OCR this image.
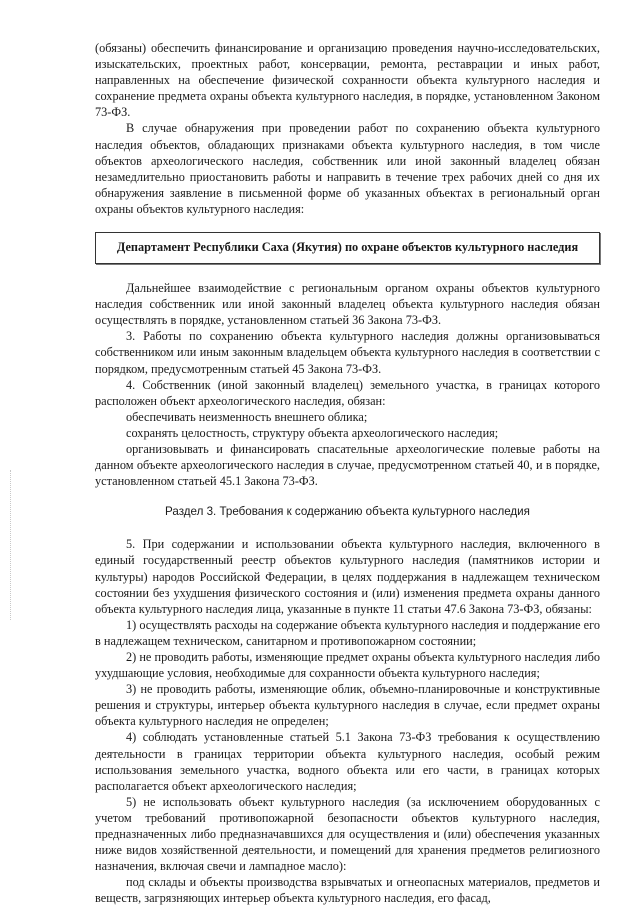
(обязаны) обеспечить финансирование и организацию проведения научно-исследовательских, изыскательских, проектных работ, консервации, ремонта, реставрации и иных работ, направленных на обеспечение физической сохранности объекта культурного наследия и сохранение предмета охраны объекта культурного наследия, в порядке, установленном Законом 73-ФЗ.

В случае обнаружения при проведении работ по сохранению объекта культурного наследия объектов, обладающих признаками объекта культурного наследия, в том числе объектов археологического наследия, собственник или иной законный владелец обязан незамедлительно приостановить работы и направить в течение трех рабочих дней со дня их обнаружения заявление в письменной форме об указанных объектах в региональный орган охраны объектов культурного наследия:

Департамент Республики Саха (Якутия) по охране объектов культурного наследия

Дальнейшее взаимодействие с региональным органом охраны объектов культурного наследия собственник или иной законный владелец объекта культурного наследия обязан осуществлять в порядке, установленном статьей 36 Закона 73-ФЗ.

3. Работы по сохранению объекта культурного наследия должны организовываться собственником или иным законным владельцем объекта культурного наследия в соответствии с порядком, предусмотренным статьей 45 Закона 73-ФЗ.

4. Собственник (иной законный владелец) земельного участка, в границах которого расположен объект археологического наследия, обязан:

обеспечивать неизменность внешнего облика;

сохранять целостность, структуру объекта археологического наследия;

организовывать и финансировать спасательные археологические полевые работы на данном объекте археологического наследия в случае, предусмотренном статьей 40, и в порядке, установленном статьей 45.1 Закона 73-ФЗ.

Раздел 3. Требования к содержанию объекта культурного наследия

5. При содержании и использовании объекта культурного наследия, включенного в единый государственный реестр объектов культурного наследия (памятников истории и культуры) народов Российской Федерации, в целях поддержания в надлежащем техническом состоянии без ухудшения физического состояния и (или) изменения предмета охраны данного объекта культурного наследия лица, указанные в пункте 11 статьи 47.6 Закона 73-ФЗ, обязаны:

1) осуществлять расходы на содержание объекта культурного наследия и поддержание его в надлежащем техническом, санитарном и противопожарном состоянии;

2) не проводить работы, изменяющие предмет охраны объекта культурного наследия либо ухудшающие условия, необходимые для сохранности объекта культурного наследия;

3) не проводить работы, изменяющие облик, объемно-планировочные и конструктивные решения и структуры, интерьер объекта культурного наследия в случае, если предмет охраны объекта культурного наследия не определен;

4) соблюдать установленные статьей 5.1 Закона 73-ФЗ требования к осуществлению деятельности в границах территории объекта культурного наследия, особый режим использования земельного участка, водного объекта или его части, в границах которых располагается объект археологического наследия;

5) не использовать объект культурного наследия (за исключением оборудованных с учетом требований противопожарной безопасности объектов культурного наследия, предназначенных либо предназначавшихся для осуществления и (или) обеспечения указанных ниже видов хозяйственной деятельности, и помещений для хранения предметов религиозного назначения, включая свечи и лампадное масло):

под склады и объекты производства взрывчатых и огнеопасных материалов, предметов и веществ, загрязняющих интерьер объекта культурного наследия, его фасад,
